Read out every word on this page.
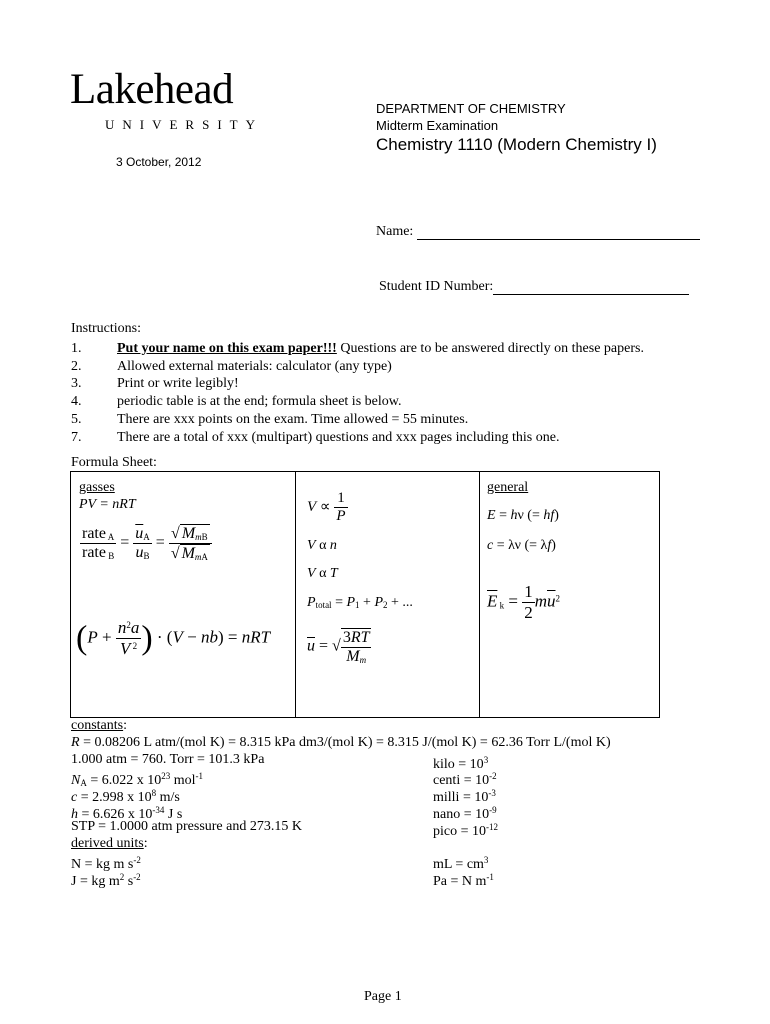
Lakehead
UNIVERSITY
3 October, 2012
DEPARTMENT OF CHEMISTRY
Midterm Examination
Chemistry 1110 (Modern Chemistry I)
Name:
Student ID Number:
Instructions:
1.	Put your name on this exam paper!!! Questions are to be answered directly on these papers.
2.	Allowed external materials: calculator (any type)
3.	Print or write legibly!
4.	periodic table is at the end; formula sheet is below.
5.	There are xxx points on the exam. Time allowed = 55 minutes.
7.	There are a total of xxx (multipart) questions and xxx pages including this one.
Formula Sheet:
gasses
PV = nRT
$\frac{rate _A}{rate _B} = \frac{\overline{u}_A}{\overline{u}_B} = \frac{√ M_{mB}}{√ M_{mA}}$
($P + \frac{n^2a}{V ^2}$ ) · (V − nb) = nRT
$V \propto \frac{1}{P}$
V α n
V α T
$P_{total} = P_1 + P_2$ + ...
$\overline{u}$ = √ $\frac{3RT}{M_m}$
general
E = hν (= hf)
c = λν (= λf)
$\overline{E}$ $_k = \frac{1}{2} m\overline{u}^2$
constants:
R = 0.08206 L atm/(mol K) = 8.315 kPa dm3/(mol K) = 8.315 J/(mol K) = 62.36 Torr L/(mol K)
1.000 atm = 760. Torr = 101.3 kPa	kilo = $10^3$
$N_A = 6.022$ x $10^{23}$ mol$^{-1}$	centi = $10^{-2}$
c = 2.998 x $10^8$ m/s	milli = $10^{-3}$
h = 6.626 x $10^{-34}$ J s	nano = $10^{-9}$
STP = 1.0000 atm pressure and 273.15 K	pico = $10^{-12}$
derived units:
N = kg m $s^{-2}$	mL = $cm^3$
J = kg $m^2$ $s^{-2}$	Pa = N $m^{-1}$
Page 1
